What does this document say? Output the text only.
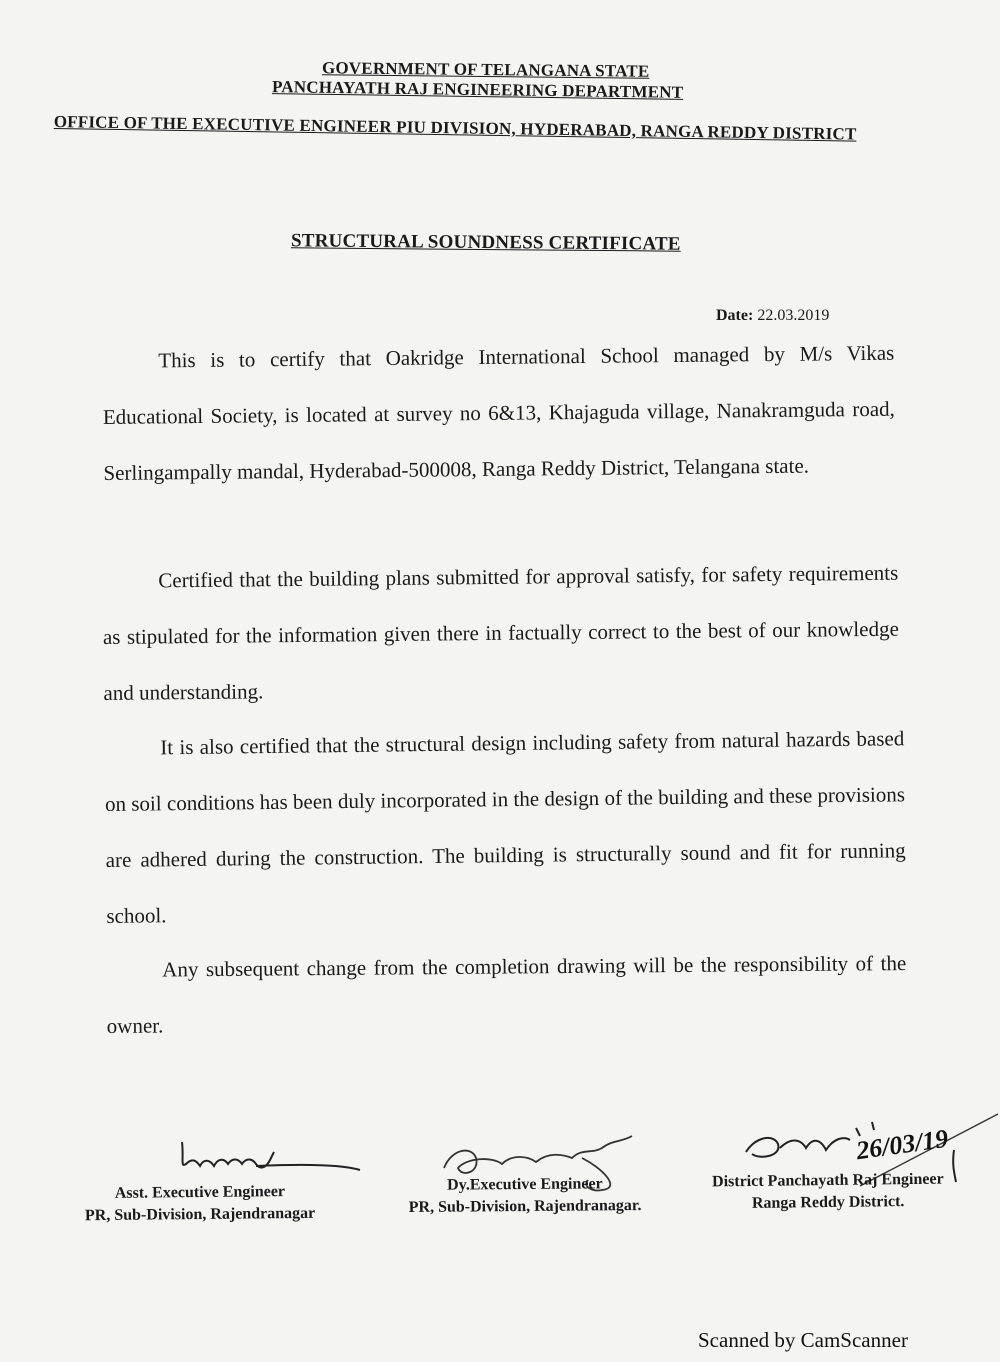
GOVERNMENT OF TELANGANA STATE
PANCHAYATH RAJ ENGINEERING DEPARTMENT
OFFICE OF THE EXECUTIVE ENGINEER PIU DIVISION, HYDERABAD, RANGA REDDY DISTRICT
STRUCTURAL SOUNDNESS CERTIFICATE
Date: 22.03.2019
This is to certify that Oakridge International School managed by M/s Vikas Educational Society, is located at survey no 6&13, Khajaguda village, Nanakramguda road, Serlingampally mandal, Hyderabad-500008, Ranga Reddy District, Telangana state.
Certified that the building plans submitted for approval satisfy, for safety requirements as stipulated for the information given there in factually correct to the best of our knowledge and understanding.
It is also certified that the structural design including safety from natural hazards based on soil conditions has been duly incorporated in the design of the building and these provisions are adhered during the construction. The building is structurally sound and fit for running school.
Any subsequent change from the completion drawing will be the responsibility of the owner.
26/03/19
Asst. Executive Engineer
PR, Sub-Division, Rajendranagar
Dy.Executive Engineer
PR, Sub-Division, Rajendranagar.
District Panchayath Raj Engineer
Ranga Reddy District.
Scanned by CamScanner
